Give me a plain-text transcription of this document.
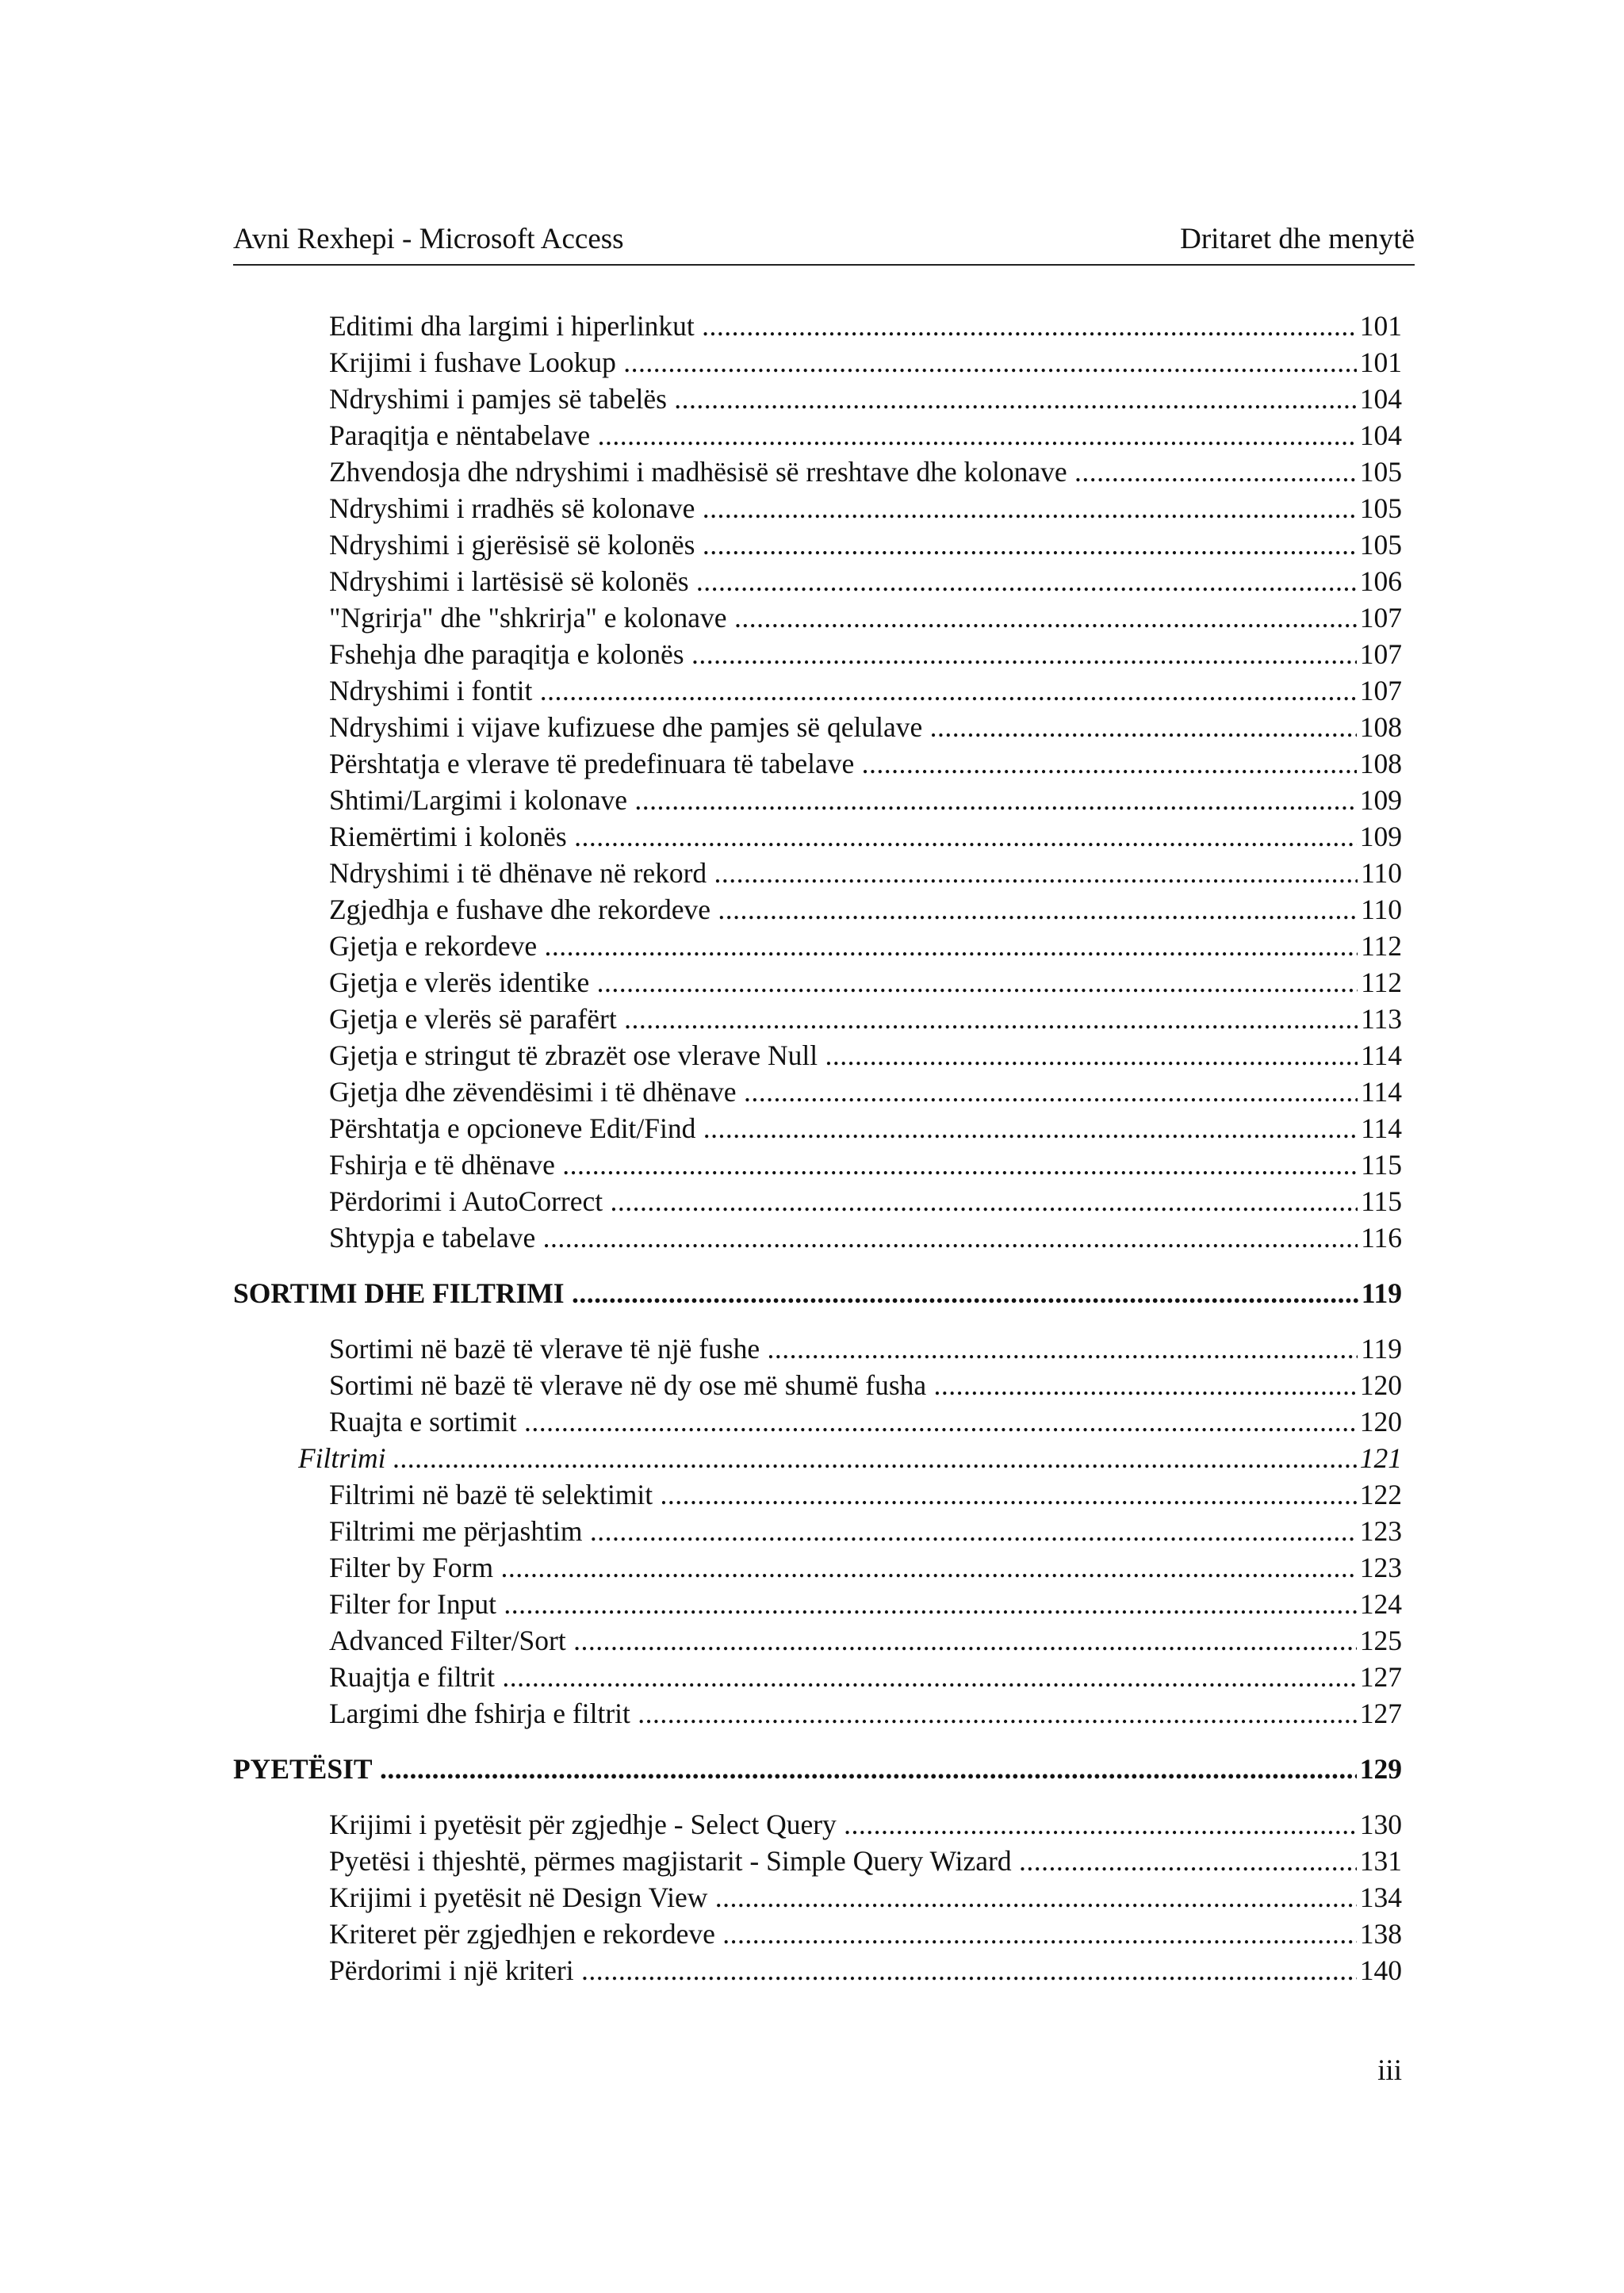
Avni Rexhepi - Microsoft Access	Dritaret dhe menytë
Editimi dha largimi i hiperlinkut .....	101
Krijimi i fushave Lookup .....	101
Ndryshimi i pamjes së tabelës .....	104
Paraqitja e nëntabelave .....	104
Zhvendosja dhe ndryshimi i madhësisë së rreshtave dhe kolonave .....	105
Ndryshimi i rradhës së kolonave .....	105
Ndryshimi i gjerësisë së kolonës .....	105
Ndryshimi i lartësisë së kolonës .....	106
"Ngrirja" dhe "shkrirja" e kolonave .....	107
Fshehja dhe paraqitja e kolonës .....	107
Ndryshimi i fontit .....	107
Ndryshimi i vijave kufizuese dhe pamjes së qelulave .....	108
Përshtatja e vlerave të predefinuara të tabelave .....	108
Shtimi/Largimi i kolonave .....	109
Riemërtimi i kolonës .....	109
Ndryshimi i të dhënave në rekord .....	110
Zgjedhja e fushave dhe rekordeve .....	110
Gjetja e rekordeve .....	112
Gjetja e vlerës identike .....	112
Gjetja e vlerës së parafërt .....	113
Gjetja e stringut të zbrazët ose vlerave Null .....	114
Gjetja dhe zëvendësimi i të dhënave .....	114
Përshtatja e opcioneve Edit/Find .....	114
Fshirja e të dhënave .....	115
Përdorimi i AutoCorrect .....	115
Shtypja e tabelave .....	116
SORTIMI DHE FILTRIMI .....	119
Sortimi në bazë të vlerave të një fushe .....	119
Sortimi në bazë të vlerave në dy ose më shumë fusha .....	120
Ruajta e sortimit .....	120
Filtrimi .....	121
Filtrimi në bazë të selektimit .....	122
Filtrimi me përjashtim .....	123
Filter by Form .....	123
Filter for Input .....	124
Advanced Filter/Sort .....	125
Ruajtja e filtrit .....	127
Largimi dhe fshirja e filtrit .....	127
PYETËSIT .....	129
Krijimi i pyetësit për zgjedhje - Select Query .....	130
Pyetësi i thjeshtë, përmes magjistarit - Simple Query Wizard .....	131
Krijimi i pyetësit në Design View .....	134
Kriteret për zgjedhjen e rekordeve .....	138
Përdorimi i një kriteri .....	140
iii
